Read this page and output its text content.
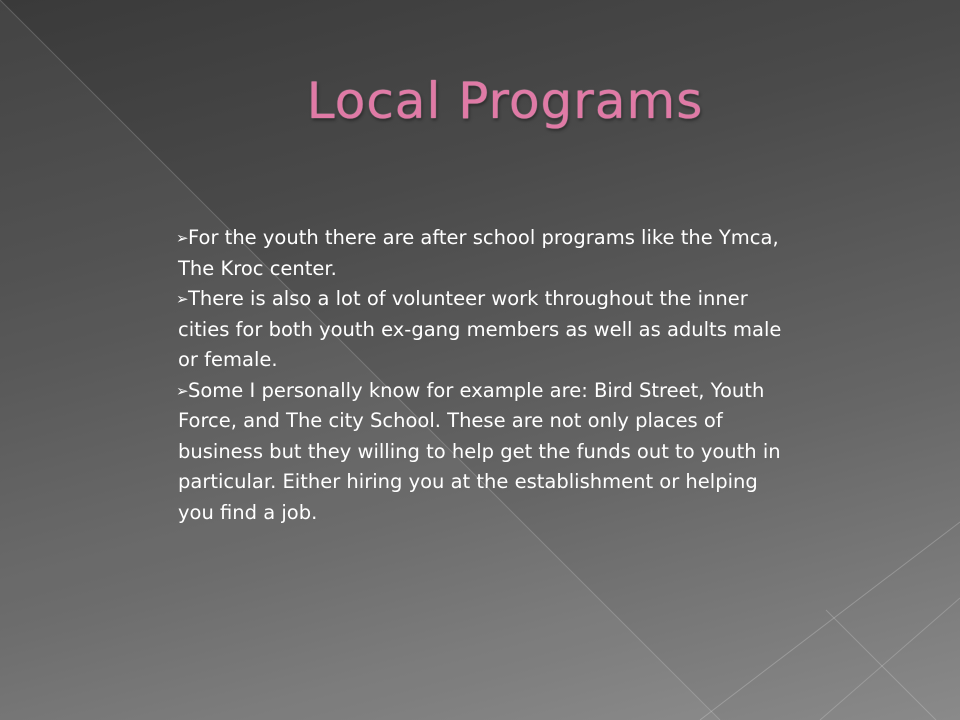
Local Programs

➢For the youth there are after school programs like the Ymca, The Kroc center.

➢There is also a lot of volunteer work throughout the inner cities for both youth ex-gang members as well as adults male or female.

➢Some I personally know for example are: Bird Street, Youth Force, and The city School. These are not only places of business but they willing to help get the funds out to youth in particular. Either hiring you at the establishment or helping you find a job.
